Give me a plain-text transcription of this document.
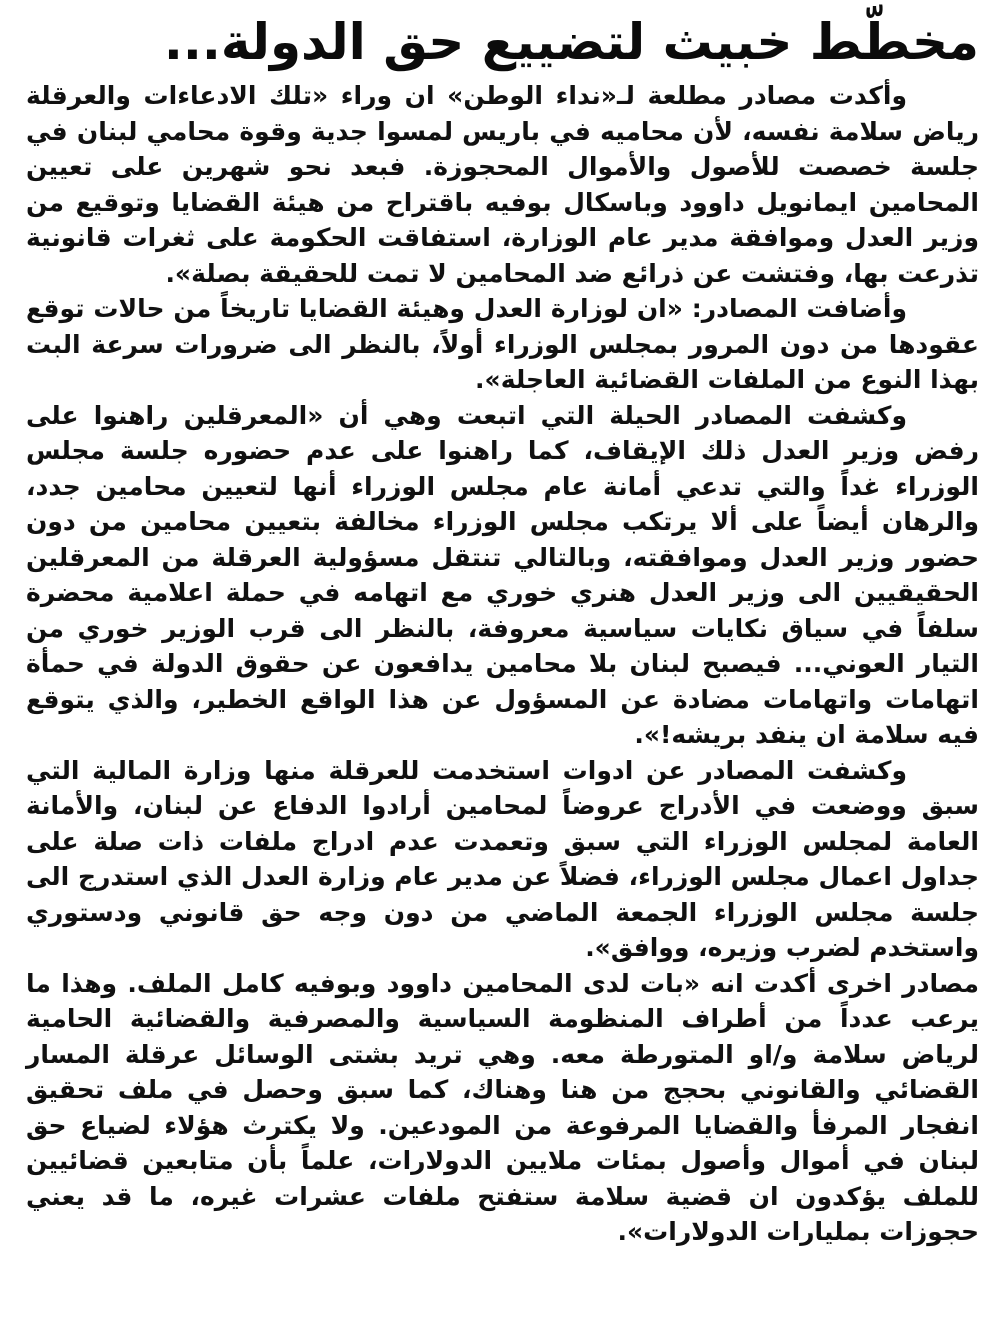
مخطّط خبيث لتضييع حق الدولة...

وأكدت مصادر مطلعة لـ«نداء الوطن» ان وراء «تلك الادعاءات والعرقلة رياض سلامة نفسه، لأن محاميه في باريس لمسوا جدية وقوة محامي لبنان في جلسة خصصت للأصول والأموال المحجوزة. فبعد نحو شهرين على تعيين المحامين ايمانويل داوود وباسكال بوفيه باقتراح من هيئة القضايا وتوقيع من وزير العدل وموافقة مدير عام الوزارة، استفاقت الحكومة على ثغرات قانونية تذرعت بها، وفتشت عن ذرائع ضد المحامين لا تمت للحقيقة بصلة».

وأضافت المصادر: «ان لوزارة العدل وهيئة القضايا تاريخاً من حالات توقع عقودها من دون المرور بمجلس الوزراء أولاً، بالنظر الى ضرورات سرعة البت بهذا النوع من الملفات القضائية العاجلة».

وكشفت المصادر الحيلة التي اتبعت وهي أن «المعرقلين راهنوا على رفض وزير العدل ذلك الإيقاف، كما راهنوا على عدم حضوره جلسة مجلس الوزراء غداً والتي تدعي أمانة عام مجلس الوزراء أنها لتعيين محامين جدد، والرهان أيضاً على ألا يرتكب مجلس الوزراء مخالفة بتعيين محامين من دون حضور وزير العدل وموافقته، وبالتالي تنتقل مسؤولية العرقلة من المعرقلين الحقيقيين الى وزير العدل هنري خوري مع اتهامه في حملة اعلامية محضرة سلفاً في سياق نكايات سياسية معروفة، بالنظر الى قرب الوزير خوري من التيار العوني... فيصبح لبنان بلا محامين يدافعون عن حقوق الدولة في حمأة اتهامات واتهامات مضادة عن المسؤول عن هذا الواقع الخطير، والذي يتوقع فيه سلامة ان ينفد بريشه!».

وكشفت المصادر عن ادوات استخدمت للعرقلة منها وزارة المالية التي سبق ووضعت في الأدراج عروضاً لمحامين أرادوا الدفاع عن لبنان، والأمانة العامة لمجلس الوزراء التي سبق وتعمدت عدم ادراج ملفات ذات صلة على جداول اعمال مجلس الوزراء، فضلاً عن مدير عام وزارة العدل الذي استدرج الى جلسة مجلس الوزراء الجمعة الماضي من دون وجه حق قانوني ودستوري واستخدم لضرب وزيره، ووافق».

مصادر اخرى أكدت انه «بات لدى المحامين داوود وبوفيه كامل الملف. وهذا ما يرعب عدداً من أطراف المنظومة السياسية والمصرفية والقضائية الحامية لرياض سلامة و/او المتورطة معه. وهي تريد بشتى الوسائل عرقلة المسار القضائي والقانوني بحجج من هنا وهناك، كما سبق وحصل في ملف تحقيق انفجار المرفأ والقضايا المرفوعة من المودعين. ولا يكترث هؤلاء لضياع حق لبنان في أموال وأصول بمئات ملايين الدولارات، علماً بأن متابعين قضائيين للملف يؤكدون ان قضية سلامة ستفتح ملفات عشرات غيره، ما قد يعني حجوزات بمليارات الدولارات».
